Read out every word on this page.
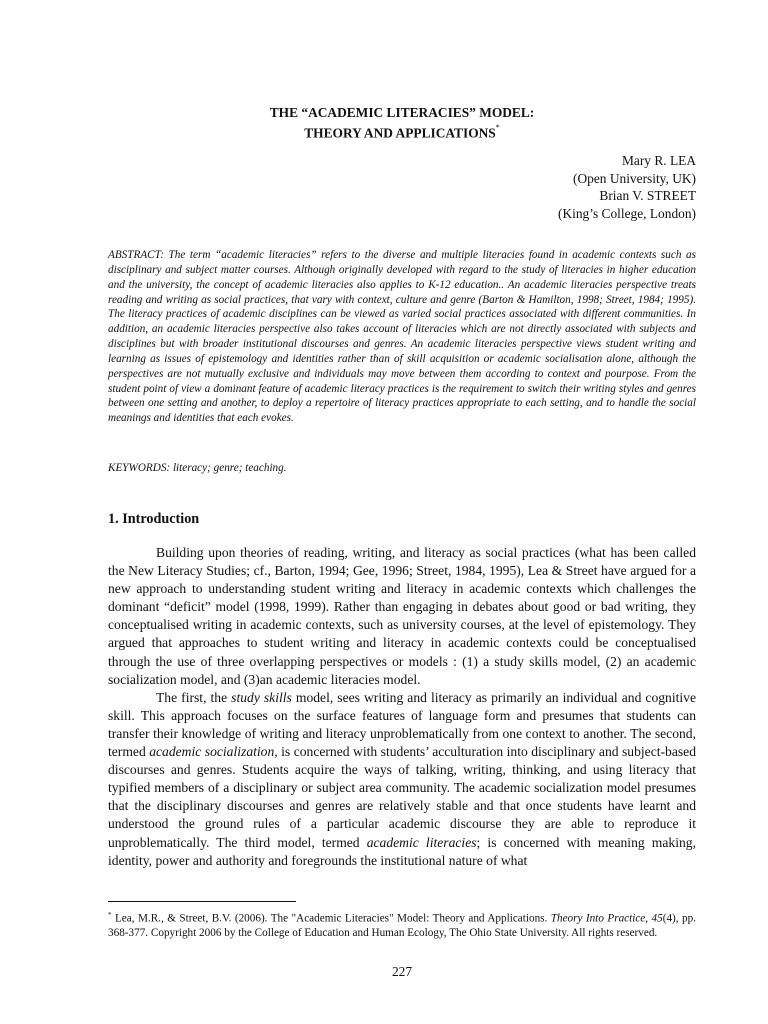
THE “ACADEMIC LITERACIES” MODEL:
THEORY AND APPLICATIONS*
Mary R. LEA
(Open University, UK)
Brian V. STREET
(King’s College, London)

ABSTRACT: The term “academic literacies” refers to the diverse and multiple literacies found in academic contexts such as disciplinary and subject matter courses. Although originally developed with regard to the study of literacies in higher education and the university, the concept of academic literacies also applies to K-12 education.. An academic literacies perspective treats reading and writing as social practices, that vary with context, culture and genre (Barton & Hamilton, 1998; Street, 1984; 1995). The literacy practices of academic disciplines can be viewed as varied social practices associated with different communities. In addition, an academic literacies perspective also takes account of literacies which are not directly associated with subjects and disciplines but with broader institutional discourses and genres. An academic literacies perspective views student writing and learning as issues of epistemology and identities rather than of skill acquisition or academic socialisation alone, although the perspectives are not mutually exclusive and individuals may move between them according to context and pourpose. From the student point of view a dominant feature of academic literacy practices is the requirement to switch their writing styles and genres between one setting and another, to deploy a repertoire of literacy practices appropriate to each setting, and to handle the social meanings and identities that each evokes.

KEYWORDS: literacy; genre; teaching.

1. Introduction

Building upon theories of reading, writing, and literacy as social practices (what has been called the New Literacy Studies; cf., Barton, 1994; Gee, 1996; Street, 1984, 1995), Lea & Street have argued for a new approach to understanding student writing and literacy in academic contexts which challenges the dominant “deficit” model (1998, 1999). Rather than engaging in debates about good or bad writing, they conceptualised writing in academic contexts, such as university courses, at the level of epistemology. They argued that approaches to student writing and literacy in academic contexts could be conceptualised through the use of three overlapping perspectives or models : (1) a study skills model, (2) an academic socialization model, and (3)an academic literacies model.

The first, the study skills model, sees writing and literacy as primarily an individual and cognitive skill. This approach focuses on the surface features of language form and presumes that students can transfer their knowledge of writing and literacy unproblematically from one context to another. The second, termed academic socialization, is concerned with students’ acculturation into disciplinary and subject-based discourses and genres. Students acquire the ways of talking, writing, thinking, and using literacy that typified members of a disciplinary or subject area community. The academic socialization model presumes that the disciplinary discourses and genres are relatively stable and that once students have learnt and understood the ground rules of a particular academic discourse they are able to reproduce it unproblematically. The third model, termed academic literacies; is concerned with meaning making, identity, power and authority and foregrounds the institutional nature of what

* Lea, M.R., & Street, B.V. (2006). The "Academic Literacies" Model: Theory and Applications. Theory Into Practice, 45(4), pp. 368-377. Copyright 2006 by the College of Education and Human Ecology, The Ohio State University. All rights reserved.

227
